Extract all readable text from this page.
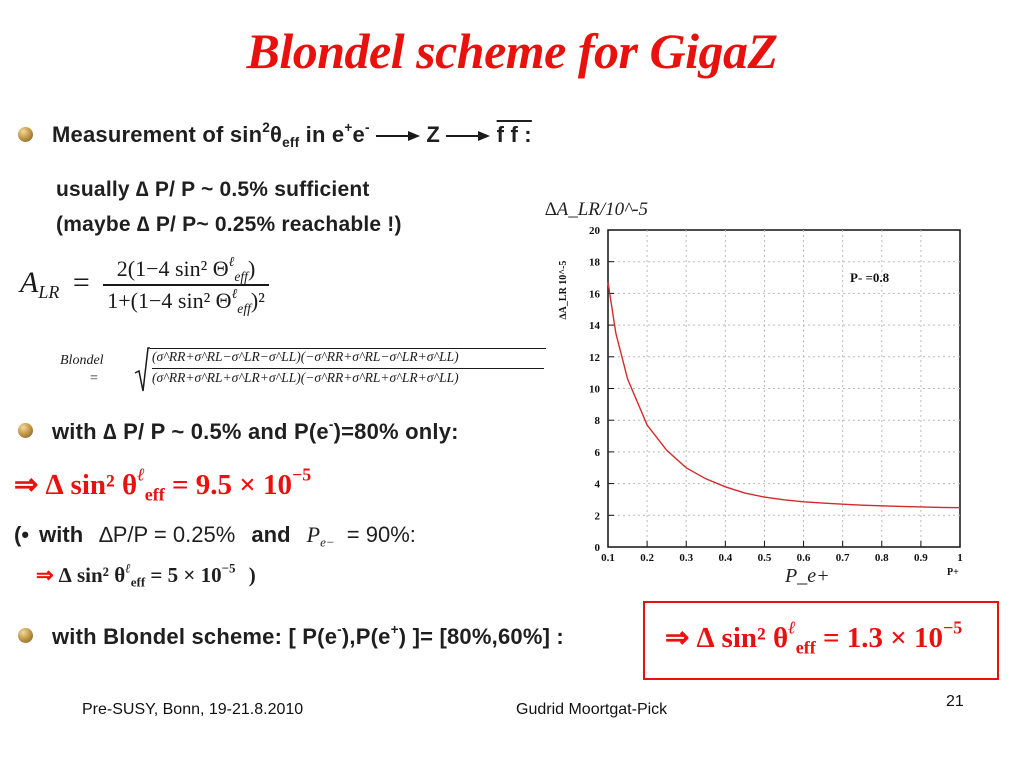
Blondel scheme for GigaZ
Measurement of $\sin^2\theta_{eff}$ in e+e-	Z	f f :
usually ∆ P/ P ~ 0.5% sufficient
(maybe ∆ P/ P~ 0.25% reachable !)
$A_{LR} = \frac{2(1-4 \sin^2 \Theta^\ell_{eff})}{1+(1-4 \sin^2 \Theta^\ell_{eff})^2}$
Blondel
=
(σ^RR+σ^RL−σ^LR−σ^LL)(−σ^RR+σ^RL−σ^LR+σ^LL)
(σ^RR+σ^RL+σ^LR+σ^LL)(−σ^RR+σ^RL+σ^LR+σ^LL)
with ∆ P/ P ~ 0.5% and P(e-)=80% only:
⇒ ∆ sin² $\theta^\ell_{eff} = 9.5 \times 10^{-5}$
(• with ∆P/P = 0.25% and $P_{e-} = 90\%$:
⇒ ∆ sin² $\theta^\ell_{eff} = 5 \times 10^{-5}$ )
with Blondel scheme: [ P(e-),P(e+) ]= [80%,60%] :	⇒ ∆ sin² $\theta^\ell_{eff} = 1.3 \times 10^{-5}$
0.1 0.2 0.3 0.4 0.5 0.6 0.7 0.8 0.9	1
0
2
4
6
8
10
12
14
16
18
20
∆A_LR/10^-5
∆A_LR 10^-5	P- =0.8
P_e+	P+
Pre-SUSY, Bonn, 19-21.8.2010	Gudrid Moortgat-Pick	21
